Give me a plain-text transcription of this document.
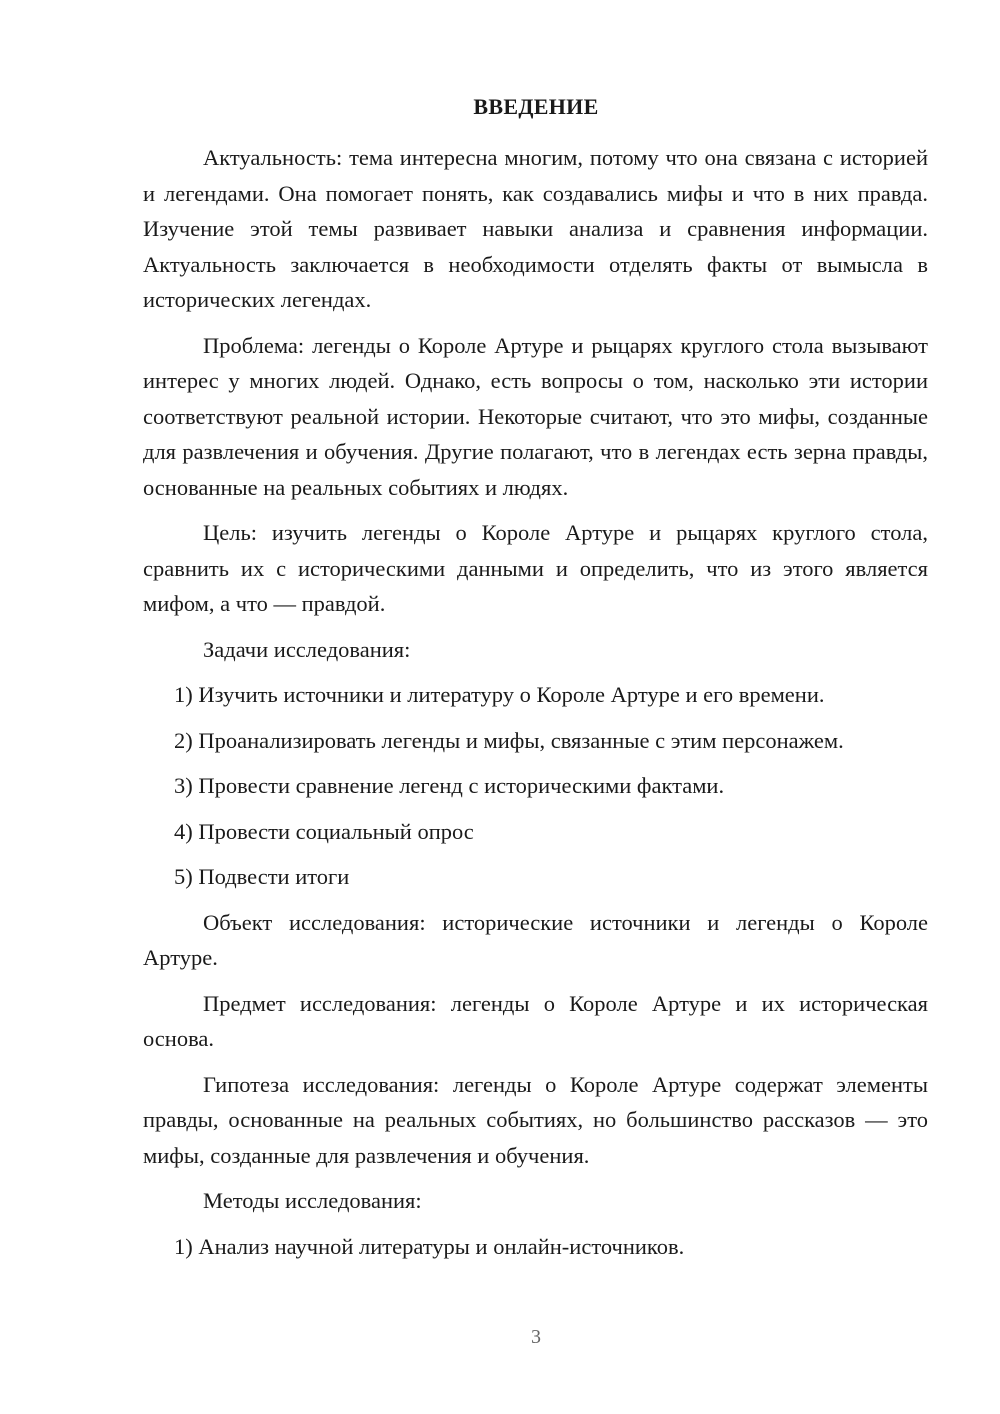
ВВЕДЕНИЕ

Актуальность: тема интересна многим, потому что она связана с историей и легендами. Она помогает понять, как создавались мифы и что в них правда. Изучение этой темы развивает навыки анализа и сравнения информации. Актуальность заключается в необходимости отделять факты от вымысла в исторических легендах.

Проблема: легенды о Короле Артуре и рыцарях круглого стола вызывают интерес у многих людей. Однако, есть вопросы о том, насколько эти истории соответствуют реальной истории. Некоторые считают, что это мифы, созданные для развлечения и обучения. Другие полагают, что в легендах есть зерна правды, основанные на реальных событиях и людях.

Цель: изучить легенды о Короле Артуре и рыцарях круглого стола, сравнить их с историческими данными и определить, что из этого является мифом, а что — правдой.

Задачи исследования:

1) Изучить источники и литературу о Короле Артуре и его времени.

2) Проанализировать легенды и мифы, связанные с этим персонажем.

3) Провести сравнение легенд с историческими фактами.

4) Провести социальный опрос

5) Подвести итоги

Объект исследования: исторические источники и легенды о Короле Артуре.

Предмет исследования: легенды о Короле Артуре и их историческая основа.

Гипотеза исследования: легенды о Короле Артуре содержат элементы правды, основанные на реальных событиях, но большинство рассказов — это мифы, созданные для развлечения и обучения.

Методы исследования:

1) Анализ научной литературы и онлайн-источников.

3
